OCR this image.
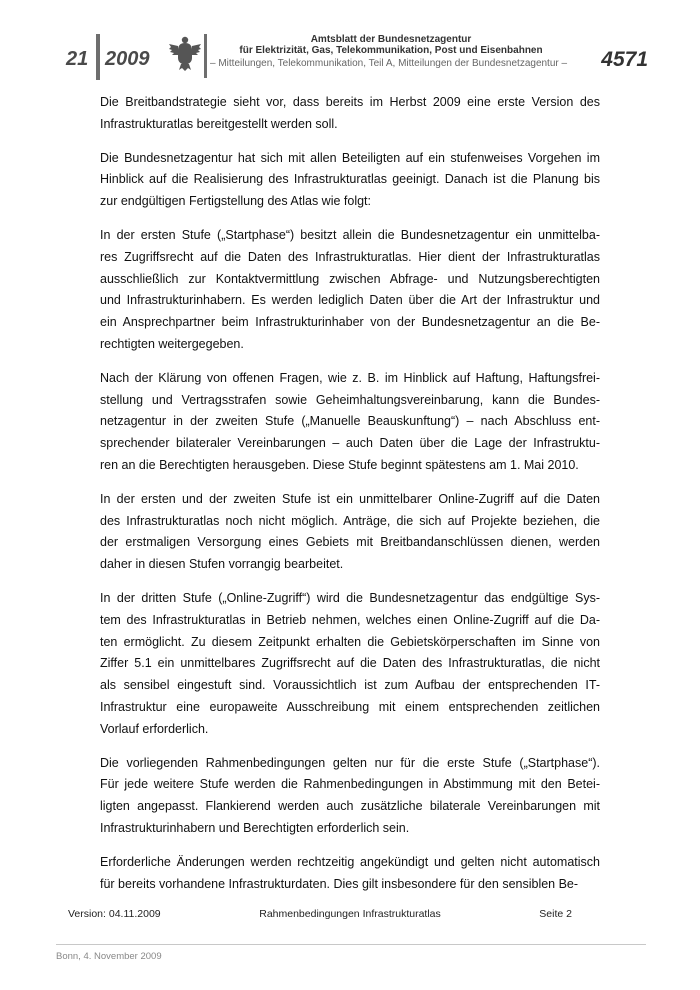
21 2009
Amtsblatt der Bundesnetzagentur
für Elektrizität, Gas, Telekommunikation, Post und Eisenbahnen
– Mitteilungen, Telekommunikation, Teil A, Mitteilungen der Bundesnetzagentur – 4571

Die Breitbandstrategie sieht vor, dass bereits im Herbst 2009 eine erste Version des
Infrastrukturatlas bereitgestellt werden soll.

Die Bundesnetzagentur hat sich mit allen Beteiligten auf ein stufenweises Vorgehen im
Hinblick auf die Realisierung des Infrastrukturatlas geeinigt. Danach ist die Planung bis
zur endgültigen Fertigstellung des Atlas wie folgt:

In der ersten Stufe („Startphase“) besitzt allein die Bundesnetzagentur ein unmittelba-
res Zugriffsrecht auf die Daten des Infrastrukturatlas. Hier dient der Infrastrukturatlas
ausschließlich zur Kontaktvermittlung zwischen Abfrage- und Nutzungsberechtigten
und Infrastrukturinhabern. Es werden lediglich Daten über die Art der Infrastruktur und
ein Ansprechpartner beim Infrastrukturinhaber von der Bundesnetzagentur an die Be-
rechtigten weitergegeben.

Nach der Klärung von offenen Fragen, wie z. B. im Hinblick auf Haftung, Haftungsfrei-
stellung und Vertragsstrafen sowie Geheimhaltungsvereinbarung, kann die Bundes-
netzagentur in der zweiten Stufe („Manuelle Beauskunftung“) – nach Abschluss ent-
sprechender bilateraler Vereinbarungen – auch Daten über die Lage der Infrastruktu-
ren an die Berechtigten herausgeben. Diese Stufe beginnt spätestens am 1. Mai 2010.

In der ersten und der zweiten Stufe ist ein unmittelbarer Online-Zugriff auf die Daten
des Infrastrukturatlas noch nicht möglich. Anträge, die sich auf Projekte beziehen, die
der erstmaligen Versorgung eines Gebiets mit Breitbandanschlüssen dienen, werden
daher in diesen Stufen vorrangig bearbeitet.

In der dritten Stufe („Online-Zugriff“) wird die Bundesnetzagentur das endgültige Sys-
tem des Infrastrukturatlas in Betrieb nehmen, welches einen Online-Zugriff auf die Da-
ten ermöglicht. Zu diesem Zeitpunkt erhalten die Gebietskörperschaften im Sinne von
Ziffer 5.1 ein unmittelbares Zugriffsrecht auf die Daten des Infrastrukturatlas, die nicht
als sensibel eingestuft sind. Voraussichtlich ist zum Aufbau der entsprechenden IT-
Infrastruktur eine europaweite Ausschreibung mit einem entsprechenden zeitlichen
Vorlauf erforderlich.

Die vorliegenden Rahmenbedingungen gelten nur für die erste Stufe („Startphase“).
Für jede weitere Stufe werden die Rahmenbedingungen in Abstimmung mit den Betei-
ligten angepasst. Flankierend werden auch zusätzliche bilaterale Vereinbarungen mit
Infrastrukturinhabern und Berechtigten erforderlich sein.

Erforderliche Änderungen werden rechtzeitig angekündigt und gelten nicht automatisch
für bereits vorhandene Infrastrukturdaten. Dies gilt insbesondere für den sensiblen Be-

Version: 04.11.2009	Rahmenbedingungen Infrastrukturatlas	Seite 2
Bonn, 4. November 2009
